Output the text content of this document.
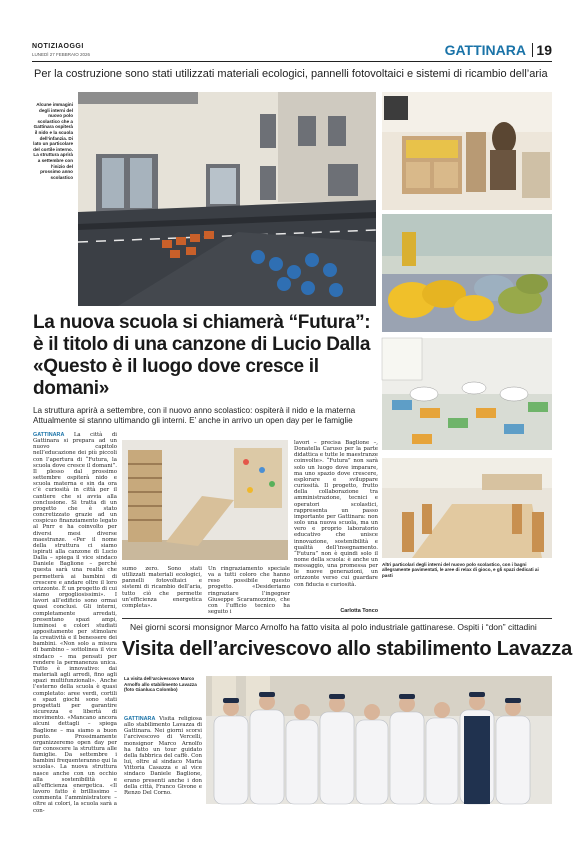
NOTIZIAOGGI
LUNEDÌ 27 FEBBRAIO 2026	GATTINARA 19
Per la costruzione sono stati utilizzati materiali ecologici, pannelli fotovoltaici e sistemi di ricambio dell’aria
Alcune immagini degli interni del nuovo polo scolastico che a Gattinara ospiterà il nido e la scuola dell’infanzia. Di lato un particolare del cortile interno. La struttura aprirà a settembre con l’inizio del prossimo anno scolastico
Altri particolari degli interni del nuovo polo scolastico, con i bagni allegramente pavimentati, le aree di relax di gioco, e gli spazi dedicati ai pasti
La nuova scuola si chiamerà “Futura”:
è il titolo di una canzone di Lucio Dalla
«Questo è il luogo dove cresce il domani»
La struttura aprirà a settembre, con il nuovo anno scolastico: ospiterà il nido e la materna
Attualmente si stanno ultimando gli interni. E’ anche in arrivo un open day per le famiglie
GATTINARA La città di Gattinara si prepara ad un nuovo capitolo nell’educazione dei più piccoli con l’apertura di “Futura, la scuola dove cresce il domani”. Il plesso dal prossimo settembre ospiterà nido e scuola materna e sin da ora c’è curiosità in città per il cantiere che si avvia alla conclusione. Si tratta di un progetto che è stato concretizzato grazie ad un cospicuo finanziamento legato al Pnrr e ha coinvolto per diversi mesi diverse maestranze. «Per il nome della struttura ci siamo ispirati alla canzone di Lucio Dalla – spiega il vice sindaco Daniele Baglione – perché questa sarà una realtà che permetterà ai bambini di crescere e andare oltre il loro orizzonte. È un progetto di cui siamo orgogliosissimi». I lavori all’edificio sono ormai quasi conclusi. Gli interni, completamente arredati, presentano spazi ampi, luminosi e colori studiati appositamente per stimolare la creatività e il benessere dei bambini. «Non solo a misura di bambino – sottolinea il vice sindaco – ma pensati per rendere la permanenza unica. Tutto è innovativo: dai materiali agli arredi, fino agli spazi multifunzionali». Anche l’esterno della scuola è quasi completato: aree verdi, cortili e spazi giochi sono stati progettati per garantire sicurezza e libertà di movimento. «Mancano ancora alcuni dettagli – spiega Baglione – ma siamo a buon punto. Prossimamente organizzeremo open day per far conoscere la struttura alle famiglie. Da settembre i bambini frequenteranno qui la scuola». La nuova struttura nasce anche con un occhio alla sostenibilità e all’efficienza energetica. «Il lavoro fatto è brillissimo – commenta l’amministratore – oltre ai colori, la scuola sarà a con-
sumo zero. Sono stati utilizzati materiali ecologici, pannelli fotovoltaici e sistemi di ricambio dell’aria, tutto ciò che permette un’efficienza energetica completa».
Un ringraziamento speciale va a tutti coloro che hanno reso possibile questo progetto. «Desideriamo ringraziare l’ingegner Giuseppe Scaramozzino, che con l’ufficio tecnico ha seguito i
lavori – precisa Baglione –, Donatella Caruso per la parte didattica e tutte le maestranze coinvolte». “Futura” non sarà solo un luogo dove imparare, ma uno spazio dove crescere, esplorare e sviluppare curiosità. Il progetto, frutto della collaborazione tra amministrazione, tecnici e operatori scolastici, rappresenta un passo importante per Gattinara: non solo una nuova scuola, ma un vero e proprio laboratorio educativo che unisce innovazione, sostenibilità e qualità dell’insegnamento. “Futura” non è quindi solo il nome della scuola: è anche un messaggio, una promessa per le nuove generazioni, un orizzonte verso cui guardare con fiducia e curiosità.
Carlotta Tonco
Nei giorni scorsi monsignor Marco Arnolfo ha fatto visita al polo industriale gattinarese. Ospiti i “don” cittadini
Visita dell’arcivescovo allo stabilimento Lavazza
La visita dell’arcivescovo Marco Arnolfo allo stabilimento Lavazza (foto Gianluca Colombo)
GATTINARA Visita religiosa allo stabilimento Lavazza di Gattinara. Nei giorni scorsi l’arcivescovo di Vercelli, monsignor Marco Arnolfo ha fatto un tour guidato della fabbrica del caffè. Con lui, oltre al sindaco Maria Vittoria Casazza e al vice sindaco Daniele Baglione, erano presenti anche i don della città, Franco Givone e Renzo Del Corno.
